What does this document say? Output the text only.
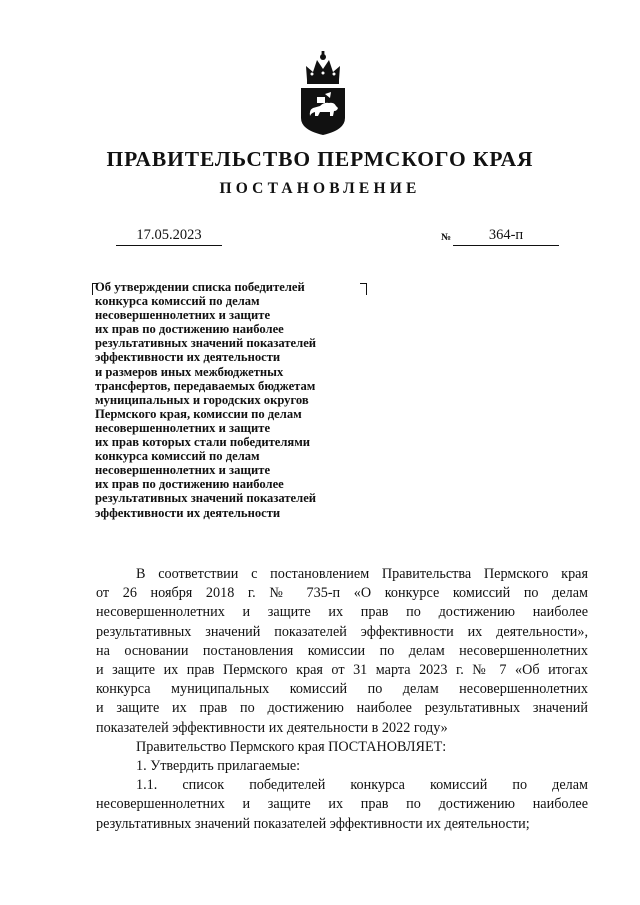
ПРАВИТЕЛЬСТВО ПЕРМСКОГО КРАЯ
ПОСТАНОВЛЕНИЕ
17.05.2023	№	364-п
Об утверждении списка победителей
конкурса комиссий по делам
несовершеннолетних и защите
их прав по достижению наиболее
результативных значений показателей
эффективности их деятельности
и размеров иных межбюджетных
трансфертов, передаваемых бюджетам
муниципальных и городских округов
Пермского края, комиссии по делам
несовершеннолетних и защите
их прав которых стали победителями
конкурса комиссий по делам
несовершеннолетних и защите
их прав по достижению наиболее
результативных значений показателей
эффективности их деятельности
В соответствии с постановлением Правительства Пермского края
от 26 ноября 2018 г. № 735-п «О конкурсе комиссий по делам
несовершеннолетних и защите их прав по достижению наиболее
результативных значений показателей эффективности их деятельности»,
на основании постановления комиссии по делам несовершеннолетних
и защите их прав Пермского края от 31 марта 2023 г. № 7 «Об итогах
конкурса муниципальных комиссий по делам несовершеннолетних
и защите их прав по достижению наиболее результативных значений
показателей эффективности их деятельности в 2022 году»
Правительство Пермского края ПОСТАНОВЛЯЕТ:
1. Утвердить прилагаемые:
1.1. список победителей конкурса комиссий по делам
несовершеннолетних и защите их прав по достижению наиболее
результативных значений показателей эффективности их деятельности;
